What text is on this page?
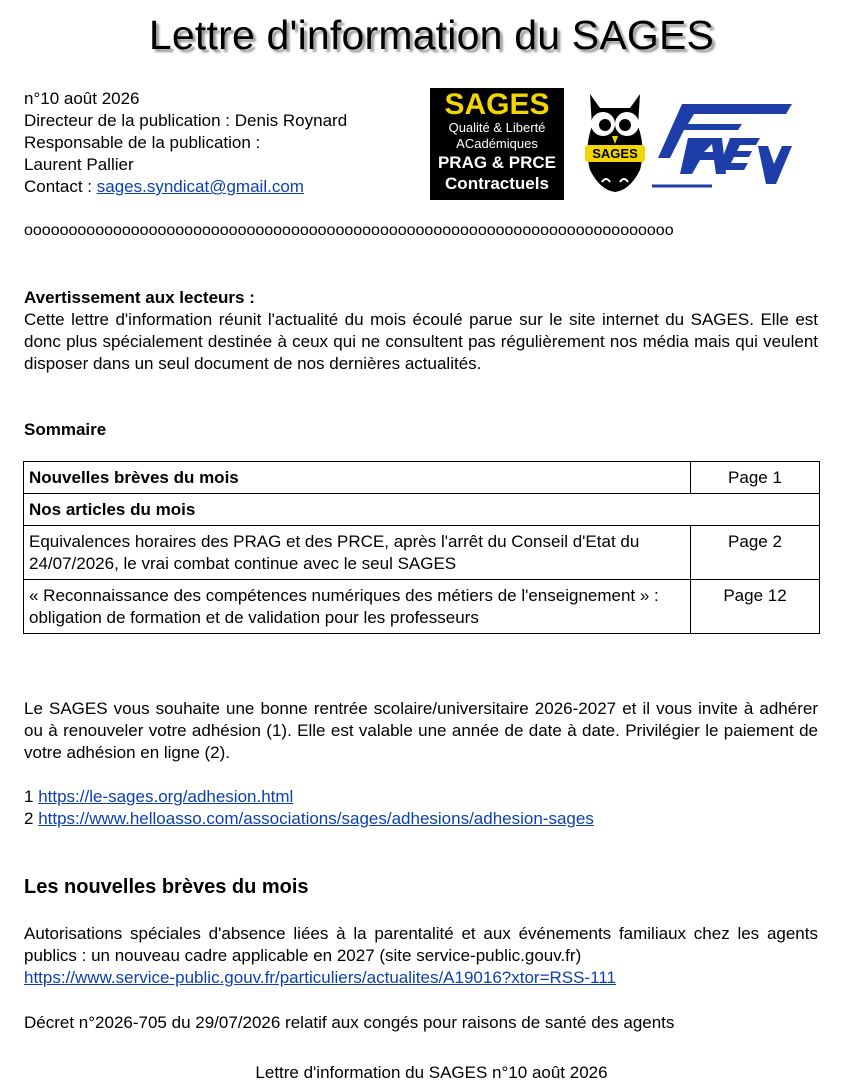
Lettre d'information du SAGES
n°10 août 2026
Directeur de la publication : Denis Roynard
Responsable de la publication :
Laurent Pallier
Contact : sages.syndicat@gmail.com
SAGES
Qualité & Liberté
ACadémiques
PRAG & PRCE
Contractuels
SAGES
ooooooooooooooooooooooooooooooooooooooooooooooooooooooooooooooooooooooooo
Avertissement aux lecteurs :
Cette lettre d'information réunit l'actualité du mois écoulé parue sur le site internet du SAGES. Elle est donc plus spécialement destinée à ceux qui ne consultent pas régulièrement nos média mais qui veulent disposer dans un seul document de nos dernières actualités.
Sommaire
Nouvelles brèves du mois	Page 1
Nos articles du mois	
Equivalences horaires des PRAG et des PRCE, après l'arrêt du Conseil d'Etat du 24/07/2026, le vrai combat continue avec le seul SAGES	Page 2
« Reconnaissance des compétences numériques des métiers de l'enseignement » : obligation de formation et de validation pour les professeurs	Page 12
Le SAGES vous souhaite une bonne rentrée scolaire/universitaire 2026-2027 et il vous invite à adhérer ou à renouveler votre adhésion (1). Elle est valable une année de date à date. Privilégier le paiement de votre adhésion en ligne (2).
1 https://le-sages.org/adhesion.html
2 https://www.helloasso.com/associations/sages/adhesions/adhesion-sages
Les nouvelles brèves du mois
Autorisations spéciales d'absence liées à la parentalité et aux événements familiaux chez les agents publics : un nouveau cadre applicable en 2027 (site service-public.gouv.fr)
https://www.service-public.gouv.fr/particuliers/actualites/A19016?xtor=RSS-111
Décret n°2026-705 du 29/07/2026 relatif aux congés pour raisons de santé des agents
Lettre d'information du SAGES n°10 août 2026
